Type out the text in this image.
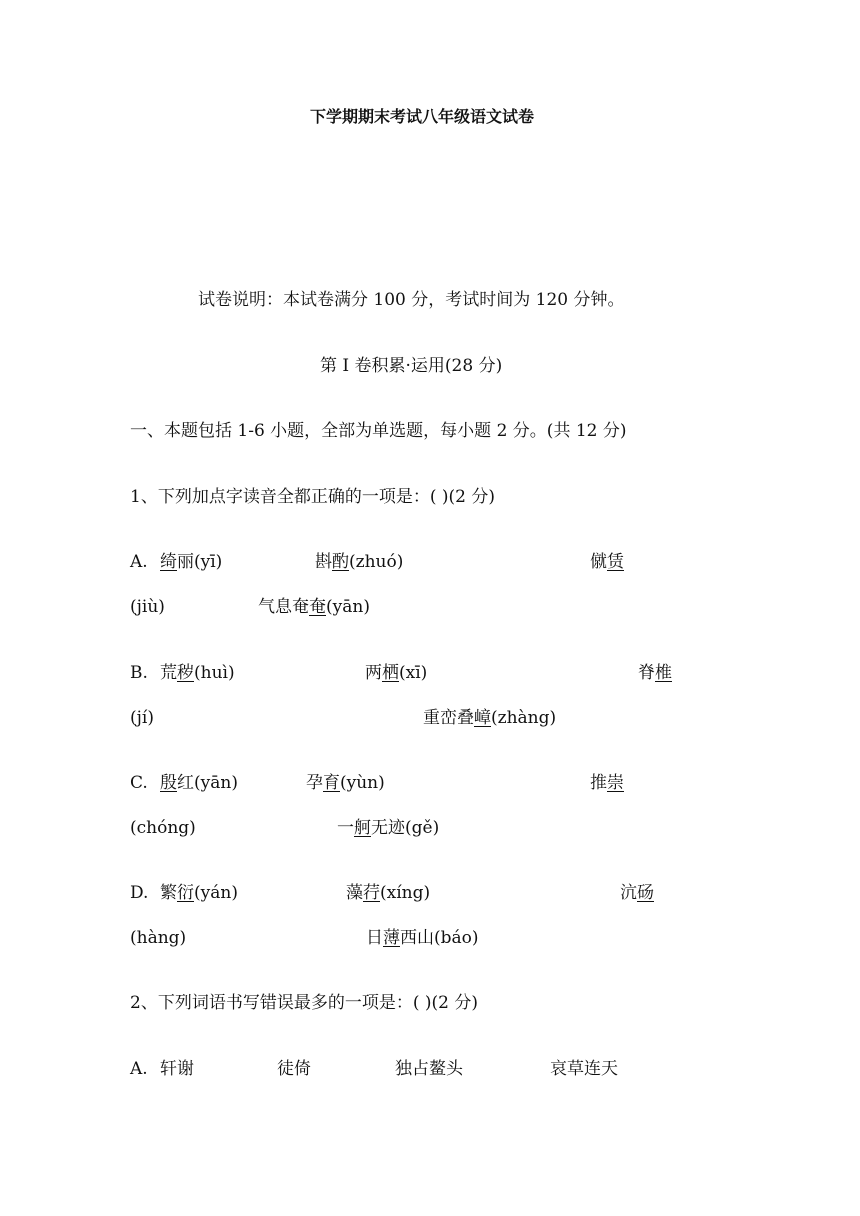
下学期期末考试八年级语文试卷
试卷说明：本试卷满分 100 分，考试时间为 120 分钟。
第 I 卷积累·运用(28 分)
一、本题包括 1-6 小题，全部为单选题，每小题 2 分。(共 12 分)
1、下列加点字读音全都正确的一项是：( )(2 分)
A. 绮丽(yī)	斟酌(zhuó)	僦赁
(jiù)	气息奄奄(yān)
B. 荒秽(huì)	两栖(xī)	脊椎
(jí)	重峦叠嶂(zhàng)
C. 殷红(yān)	孕育(yùn)	推崇
(chóng)	一舸无迹(gě)
D. 繁衍(yán)	藻荇(xíng)	沆砀
(hàng)	日薄西山(báo)
2、下列词语书写错误最多的一项是：( )(2 分)
A. 轩谢	徒倚	独占鳌头	哀草连天
